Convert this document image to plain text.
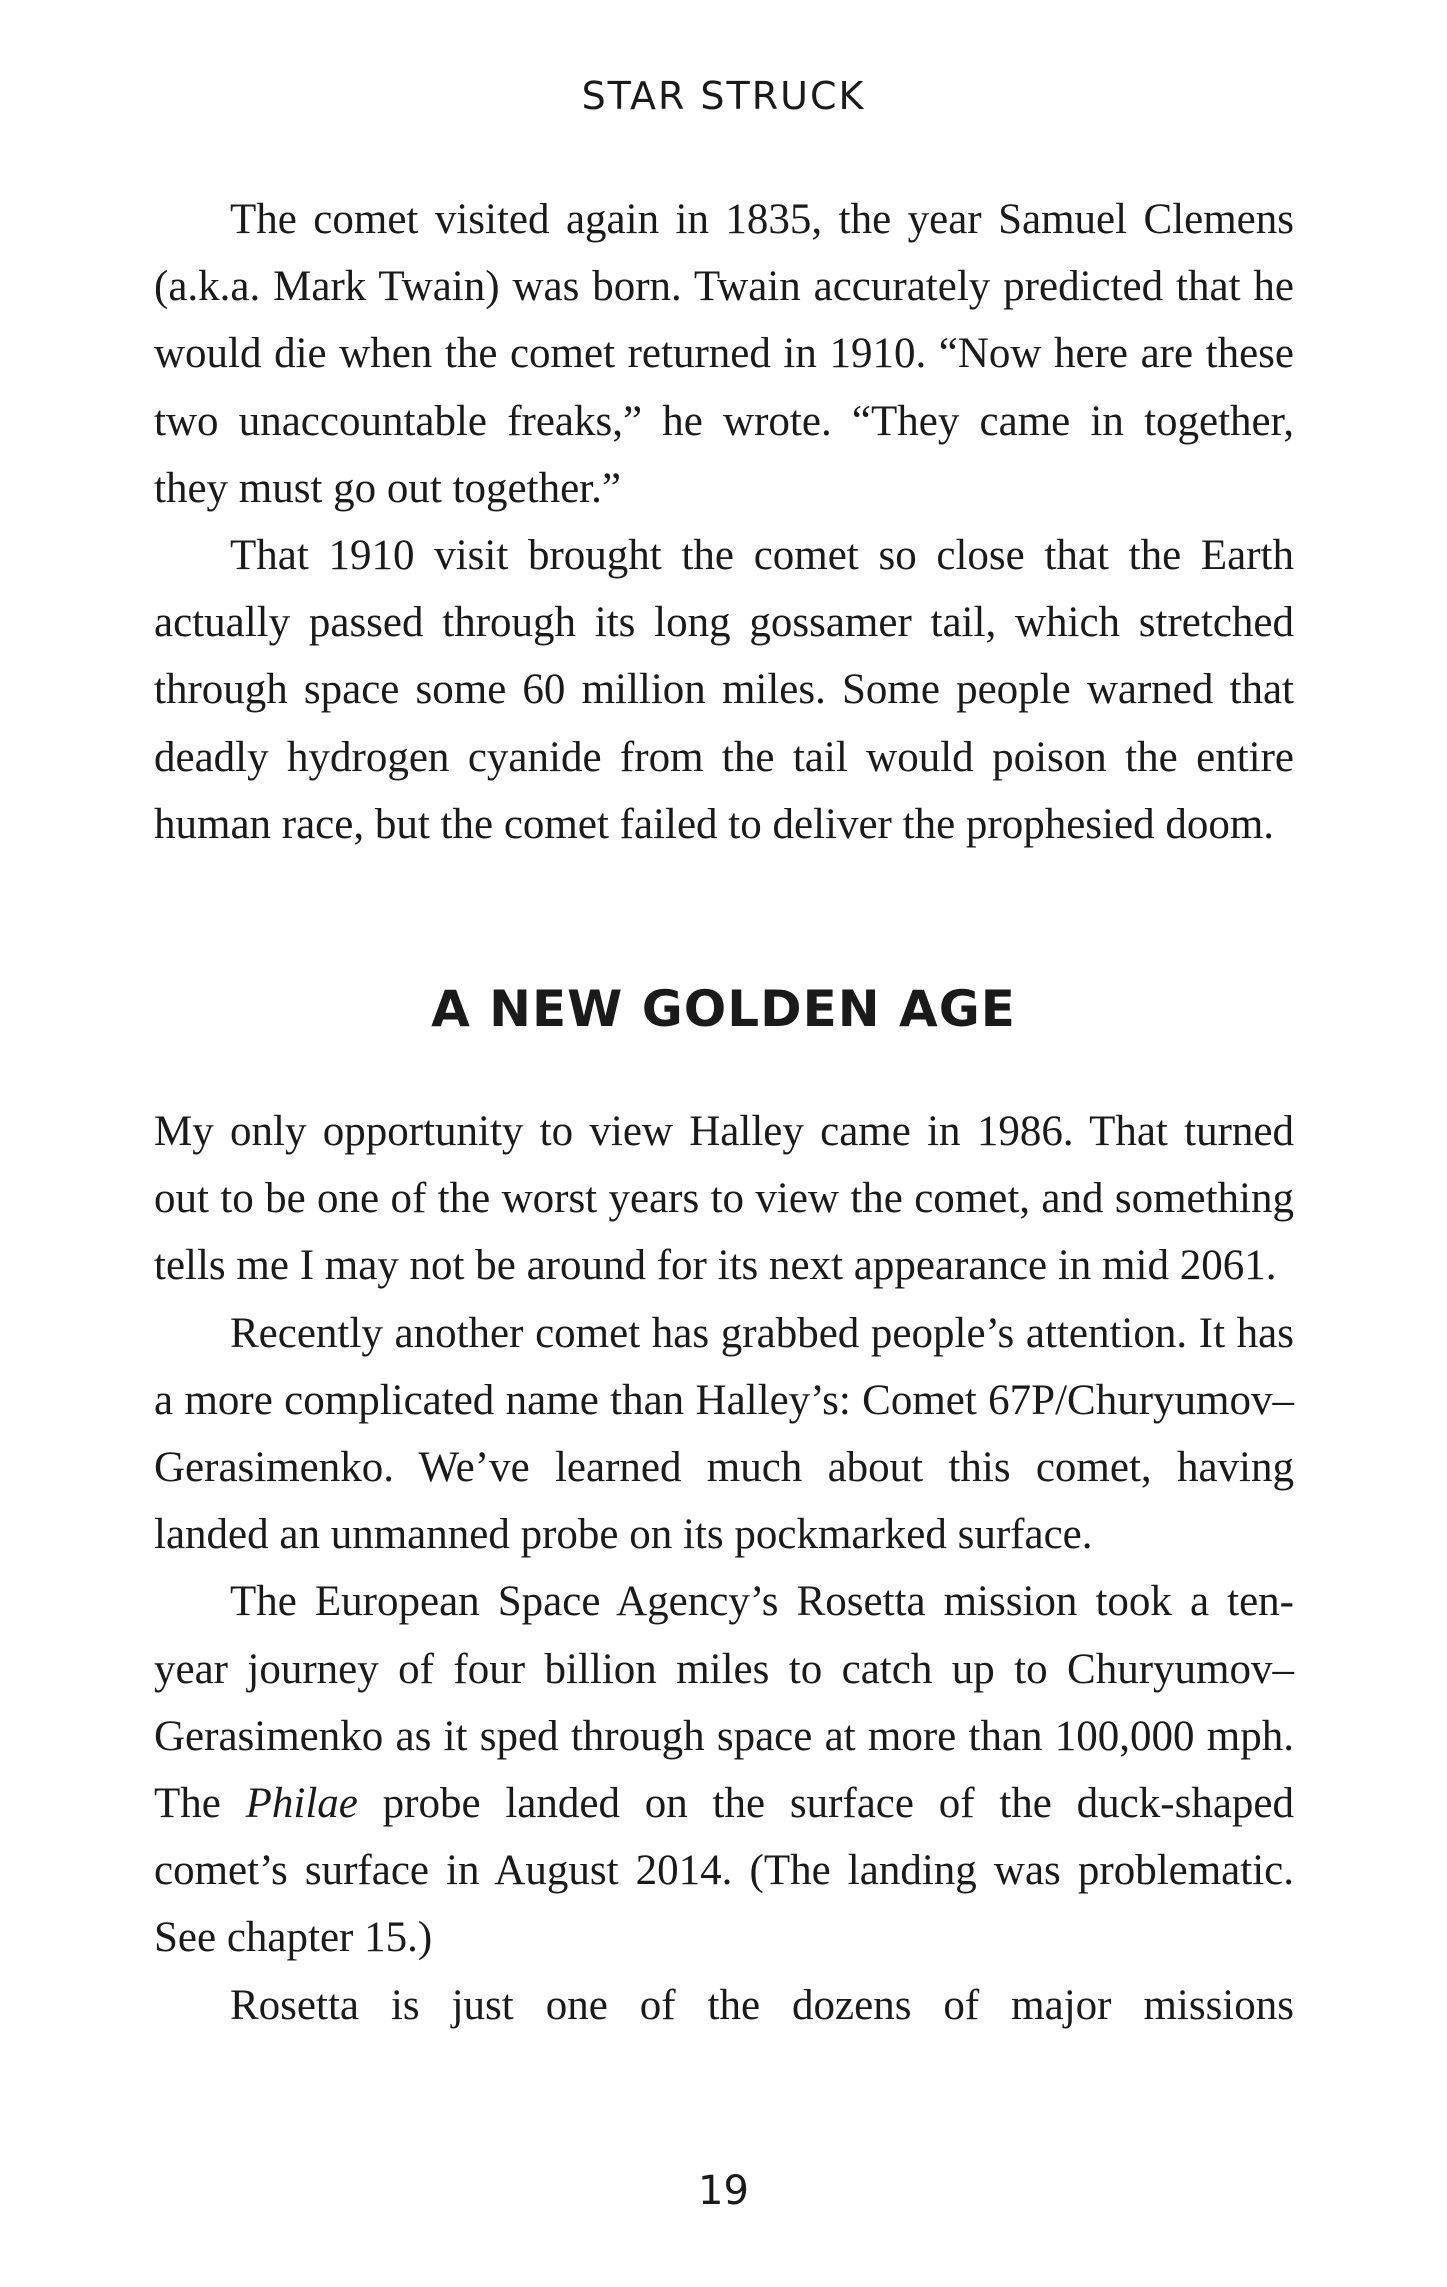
STAR STRUCK

The comet visited again in 1835, the year Samuel Clemens (a.k.a. Mark Twain) was born. Twain accurately predicted that he would die when the comet returned in 1910. “Now here are these two unaccountable freaks,” he wrote. “They came in together, they must go out together.”

That 1910 visit brought the comet so close that the Earth actually passed through its long gossamer tail, which stretched through space some 60 million miles. Some people warned that deadly hydrogen cyanide from the tail would poison the entire human race, but the comet failed to deliver the prophesied doom.

A NEW GOLDEN AGE

My only opportunity to view Halley came in 1986. That turned out to be one of the worst years to view the comet, and something tells me I may not be around for its next appearance in mid 2061.

Recently another comet has grabbed people’s attention. It has a more complicated name than Halley’s: Comet 67P/Churyumov–Gerasimenko. We’ve learned much about this comet, having landed an unmanned probe on its pockmarked surface.

The European Space Agency’s Rosetta mission took a ten-year journey of four billion miles to catch up to Churyumov–Gerasimenko as it sped through space at more than 100,000 mph. The Philae probe landed on the surface of the duck-shaped comet’s surface in August 2014. (The landing was problematic. See chapter 15.)

Rosetta is just one of the dozens of major missions

19
